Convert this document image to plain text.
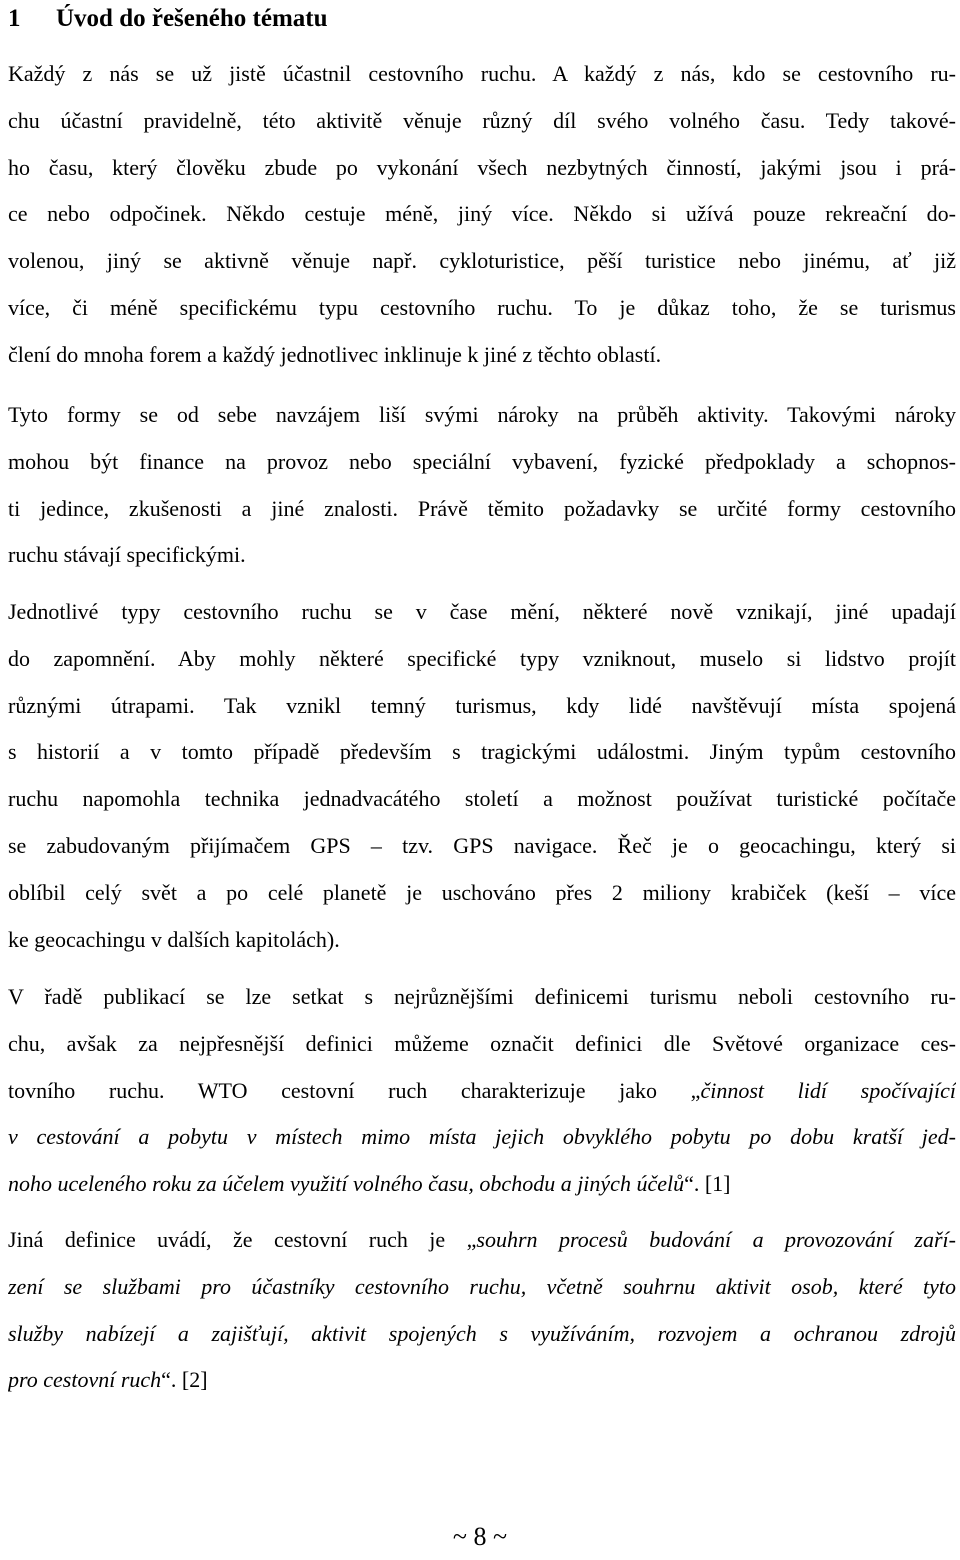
1 Úvod do řešeného tématu
Každý z nás se už jistě účastnil cestovního ruchu. A každý z nás, kdo se cestovního ru-
chu účastní pravidelně, této aktivitě věnuje různý díl svého volného času. Tedy takové-
ho času, který člověku zbude po vykonání všech nezbytných činností, jakými jsou i prá-
ce nebo odpočinek. Někdo cestuje méně, jiný více. Někdo si užívá pouze rekreační do-
volenou, jiný se aktivně věnuje např. cykloturistice, pěší turistice nebo jinému, ať již
více, či méně specifickému typu cestovního ruchu. To je důkaz toho, že se turismus
člení do mnoha forem a každý jednotlivec inklinuje k jiné z těchto oblastí.
Tyto formy se od sebe navzájem liší svými nároky na průběh aktivity. Takovými nároky
mohou být finance na provoz nebo speciální vybavení, fyzické předpoklady a schopnos-
ti jedince, zkušenosti a jiné znalosti. Právě těmito požadavky se určité formy cestovního
ruchu stávají specifickými.
Jednotlivé typy cestovního ruchu se v čase mění, některé nově vznikají, jiné upadají
do zapomnění. Aby mohly některé specifické typy vzniknout, muselo si lidstvo projít
různými útrapami. Tak vznikl temný turismus, kdy lidé navštěvují místa spojená
s historií a v tomto případě především s tragickými událostmi. Jiným typům cestovního
ruchu napomohla technika jednadvacátého století a možnost používat turistické počítače
se zabudovaným přijímačem GPS – tzv. GPS navigace. Řeč je o geocachingu, který si
oblíbil celý svět a po celé planetě je uschováno přes 2 miliony krabiček (keší – více
ke geocachingu v dalších kapitolách).
V řadě publikací se lze setkat s nejrůznějšími definicemi turismu neboli cestovního ru-
chu, avšak za nejpřesnější definici můžeme označit definici dle Světové organizace ces-
tovního ruchu. WTO cestovní ruch charakterizuje jako „činnost lidí spočívající
v cestování a pobytu v místech mimo místa jejich obvyklého pobytu po dobu kratší jed-
noho uceleného roku za účelem využití volného času, obchodu a jiných účelů“. [1]
Jiná definice uvádí, že cestovní ruch je „souhrn procesů budování a provozování zaří-
zení se službami pro účastníky cestovního ruchu, včetně souhrnu aktivit osob, které tyto
služby nabízejí a zajišťují, aktivit spojených s využíváním, rozvojem a ochranou zdrojů
pro cestovní ruch“. [2]
~ 8 ~
